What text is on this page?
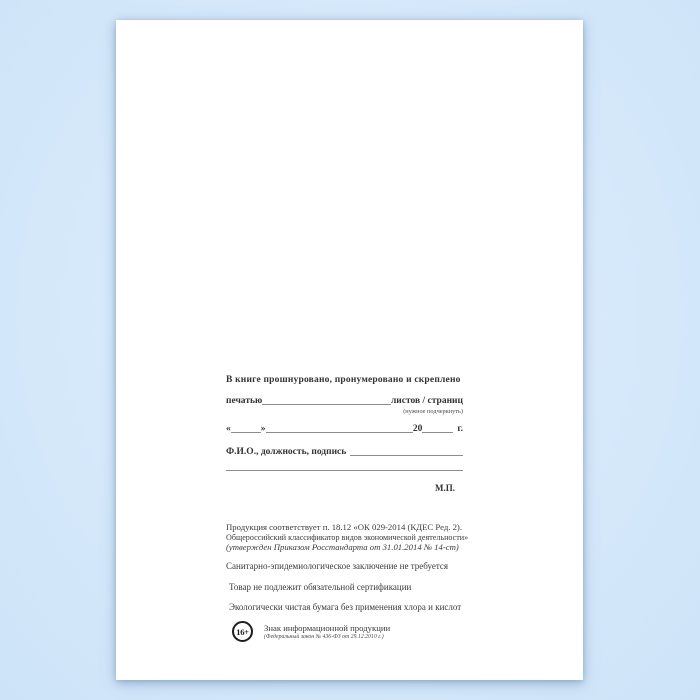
В книге прошнуровано, пронумеровано и скреплено
печатью	листов / страниц
(нужное подчеркнуть)
«	»	20	г.
Ф.И.О., должность, подпись
М.П.
Продукция соответствует п. 18.12 «ОК 029-2014 (КДЕС Ред. 2).
Общероссийский классификатор видов экономической деятельности»
(утвержден Приказом Росстандарта от 31.01.2014 № 14-ст)
Санитарно-эпидемиологическое заключение не требуется
Товар не подлежит обязательной сертификации
Экологически чистая бумага без применения хлора и кислот
16+	Знак информационной продукции
(Федеральный закон № 436-ФЗ от 29.12.2010 г.)
